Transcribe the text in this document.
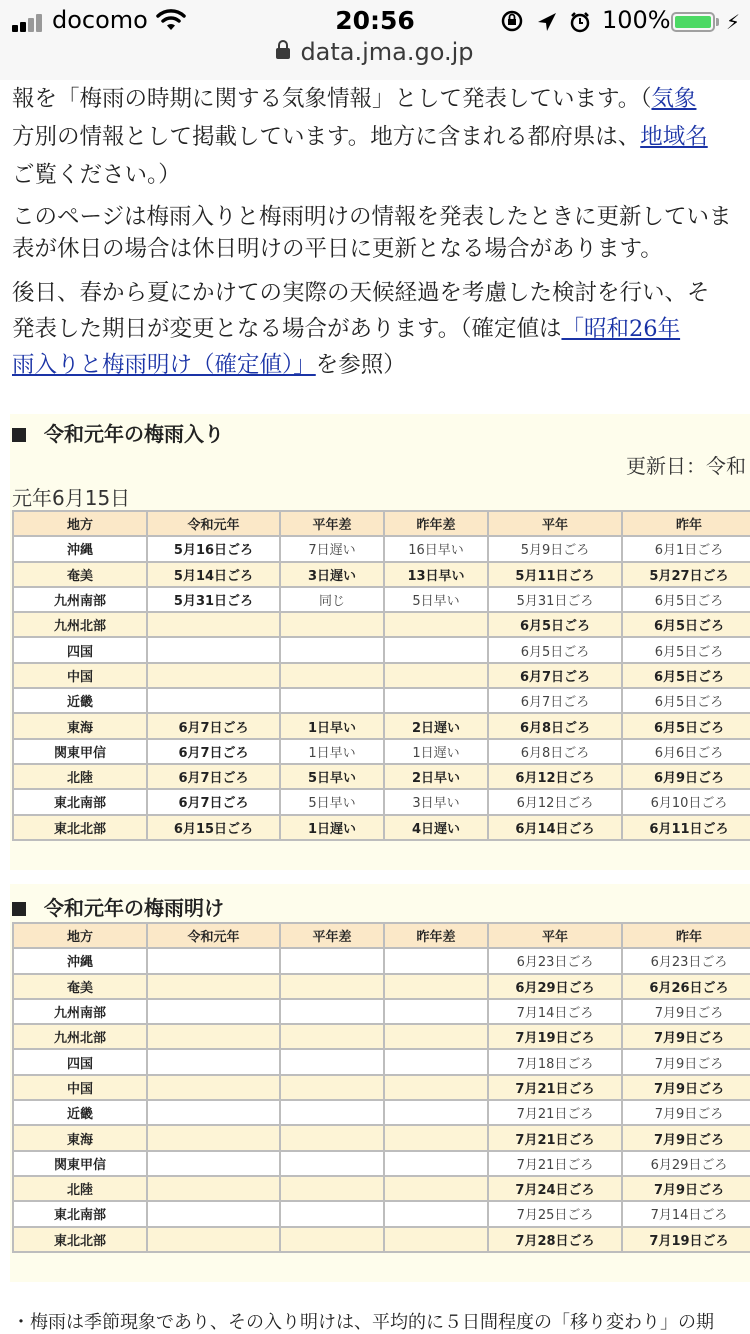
docomo	20:56	100%	⚡
data.jma.go.jp
報を「梅雨の時期に関する気象情報」として発表しています。（気象
方別の情報として掲載しています。地方に含まれる都府県は、地域名
ご覧ください。）
このページは梅雨入りと梅雨明けの情報を発表したときに更新していま
表が休日の場合は休日明けの平日に更新となる場合があります。
後日、春から夏にかけての実際の天候経過を考慮した検討を行い、そ
発表した期日が変更となる場合があります。（確定値は「昭和26年
雨入りと梅雨明け（確定値）」を参照）
令和元年の梅雨入り
更新日：令和
元年6月15日
地方	令和元年	平年差	昨年差	平年	昨年
沖縄	5月16日ごろ	7日遅い	16日早い	5月9日ごろ	6月1日ごろ
奄美	5月14日ごろ	3日遅い	13日早い	5月11日ごろ	5月27日ごろ
九州南部	5月31日ごろ	同じ	5日早い	5月31日ごろ	6月5日ごろ
九州北部				6月5日ごろ	6月5日ごろ
四国				6月5日ごろ	6月5日ごろ
中国				6月7日ごろ	6月5日ごろ
近畿				6月7日ごろ	6月5日ごろ
東海	6月7日ごろ	1日早い	2日遅い	6月8日ごろ	6月5日ごろ
関東甲信	6月7日ごろ	1日早い	1日遅い	6月8日ごろ	6月6日ごろ
北陸	6月7日ごろ	5日早い	2日早い	6月12日ごろ	6月9日ごろ
東北南部	6月7日ごろ	5日早い	3日早い	6月12日ごろ	6月10日ごろ
東北北部	6月15日ごろ	1日遅い	4日遅い	6月14日ごろ	6月11日ごろ
令和元年の梅雨明け
地方	令和元年	平年差	昨年差	平年	昨年
沖縄				6月23日ごろ	6月23日ごろ
奄美				6月29日ごろ	6月26日ごろ
九州南部				7月14日ごろ	7月9日ごろ
九州北部				7月19日ごろ	7月9日ごろ
四国				7月18日ごろ	7月9日ごろ
中国				7月21日ごろ	7月9日ごろ
近畿				7月21日ごろ	7月9日ごろ
東海				7月21日ごろ	7月9日ごろ
関東甲信				7月21日ごろ	6月29日ごろ
北陸				7月24日ごろ	7月9日ごろ
東北南部				7月25日ごろ	7月14日ごろ
東北北部				7月28日ごろ	7月19日ごろ
・梅雨は季節現象であり、その入り明けは、平均的に５日間程度の「移り変わり」の期
